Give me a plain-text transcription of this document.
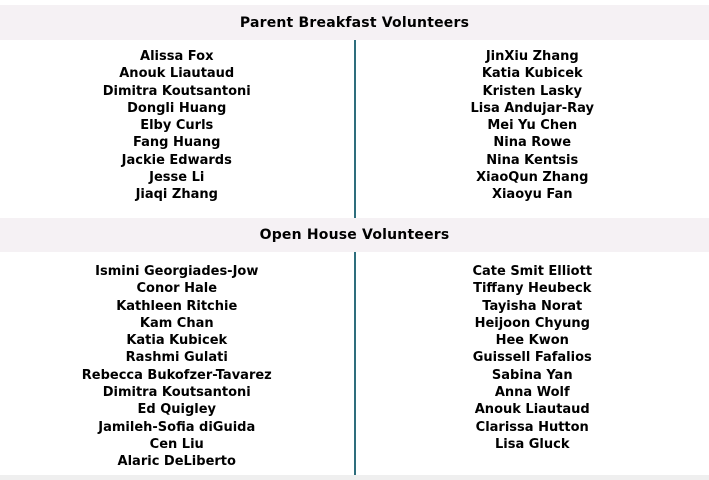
Parent Breakfast Volunteers
Alissa Fox
Anouk Liautaud
Dimitra Koutsantoni
Dongli Huang
Elby Curls
Fang Huang
Jackie Edwards
Jesse Li
Jiaqi Zhang
JinXiu Zhang
Katia Kubicek
Kristen Lasky
Lisa Andujar-Ray
Mei Yu Chen
Nina Rowe
Nina Kentsis
XiaoQun Zhang
Xiaoyu Fan
Open House Volunteers
Ismini Georgiades-Jow
Conor Hale
Kathleen Ritchie
Kam Chan
Katia Kubicek
Rashmi Gulati
Rebecca Bukofzer-Tavarez
Dimitra Koutsantoni
Ed Quigley
Jamileh-Sofia diGuida
Cen Liu
Alaric DeLiberto
Cate Smit Elliott
Tiffany Heubeck
Tayisha Norat
Heijoon Chyung
Hee Kwon
Guissell Fafalios
Sabina Yan
Anna Wolf
Anouk Liautaud
Clarissa Hutton
Lisa Gluck
